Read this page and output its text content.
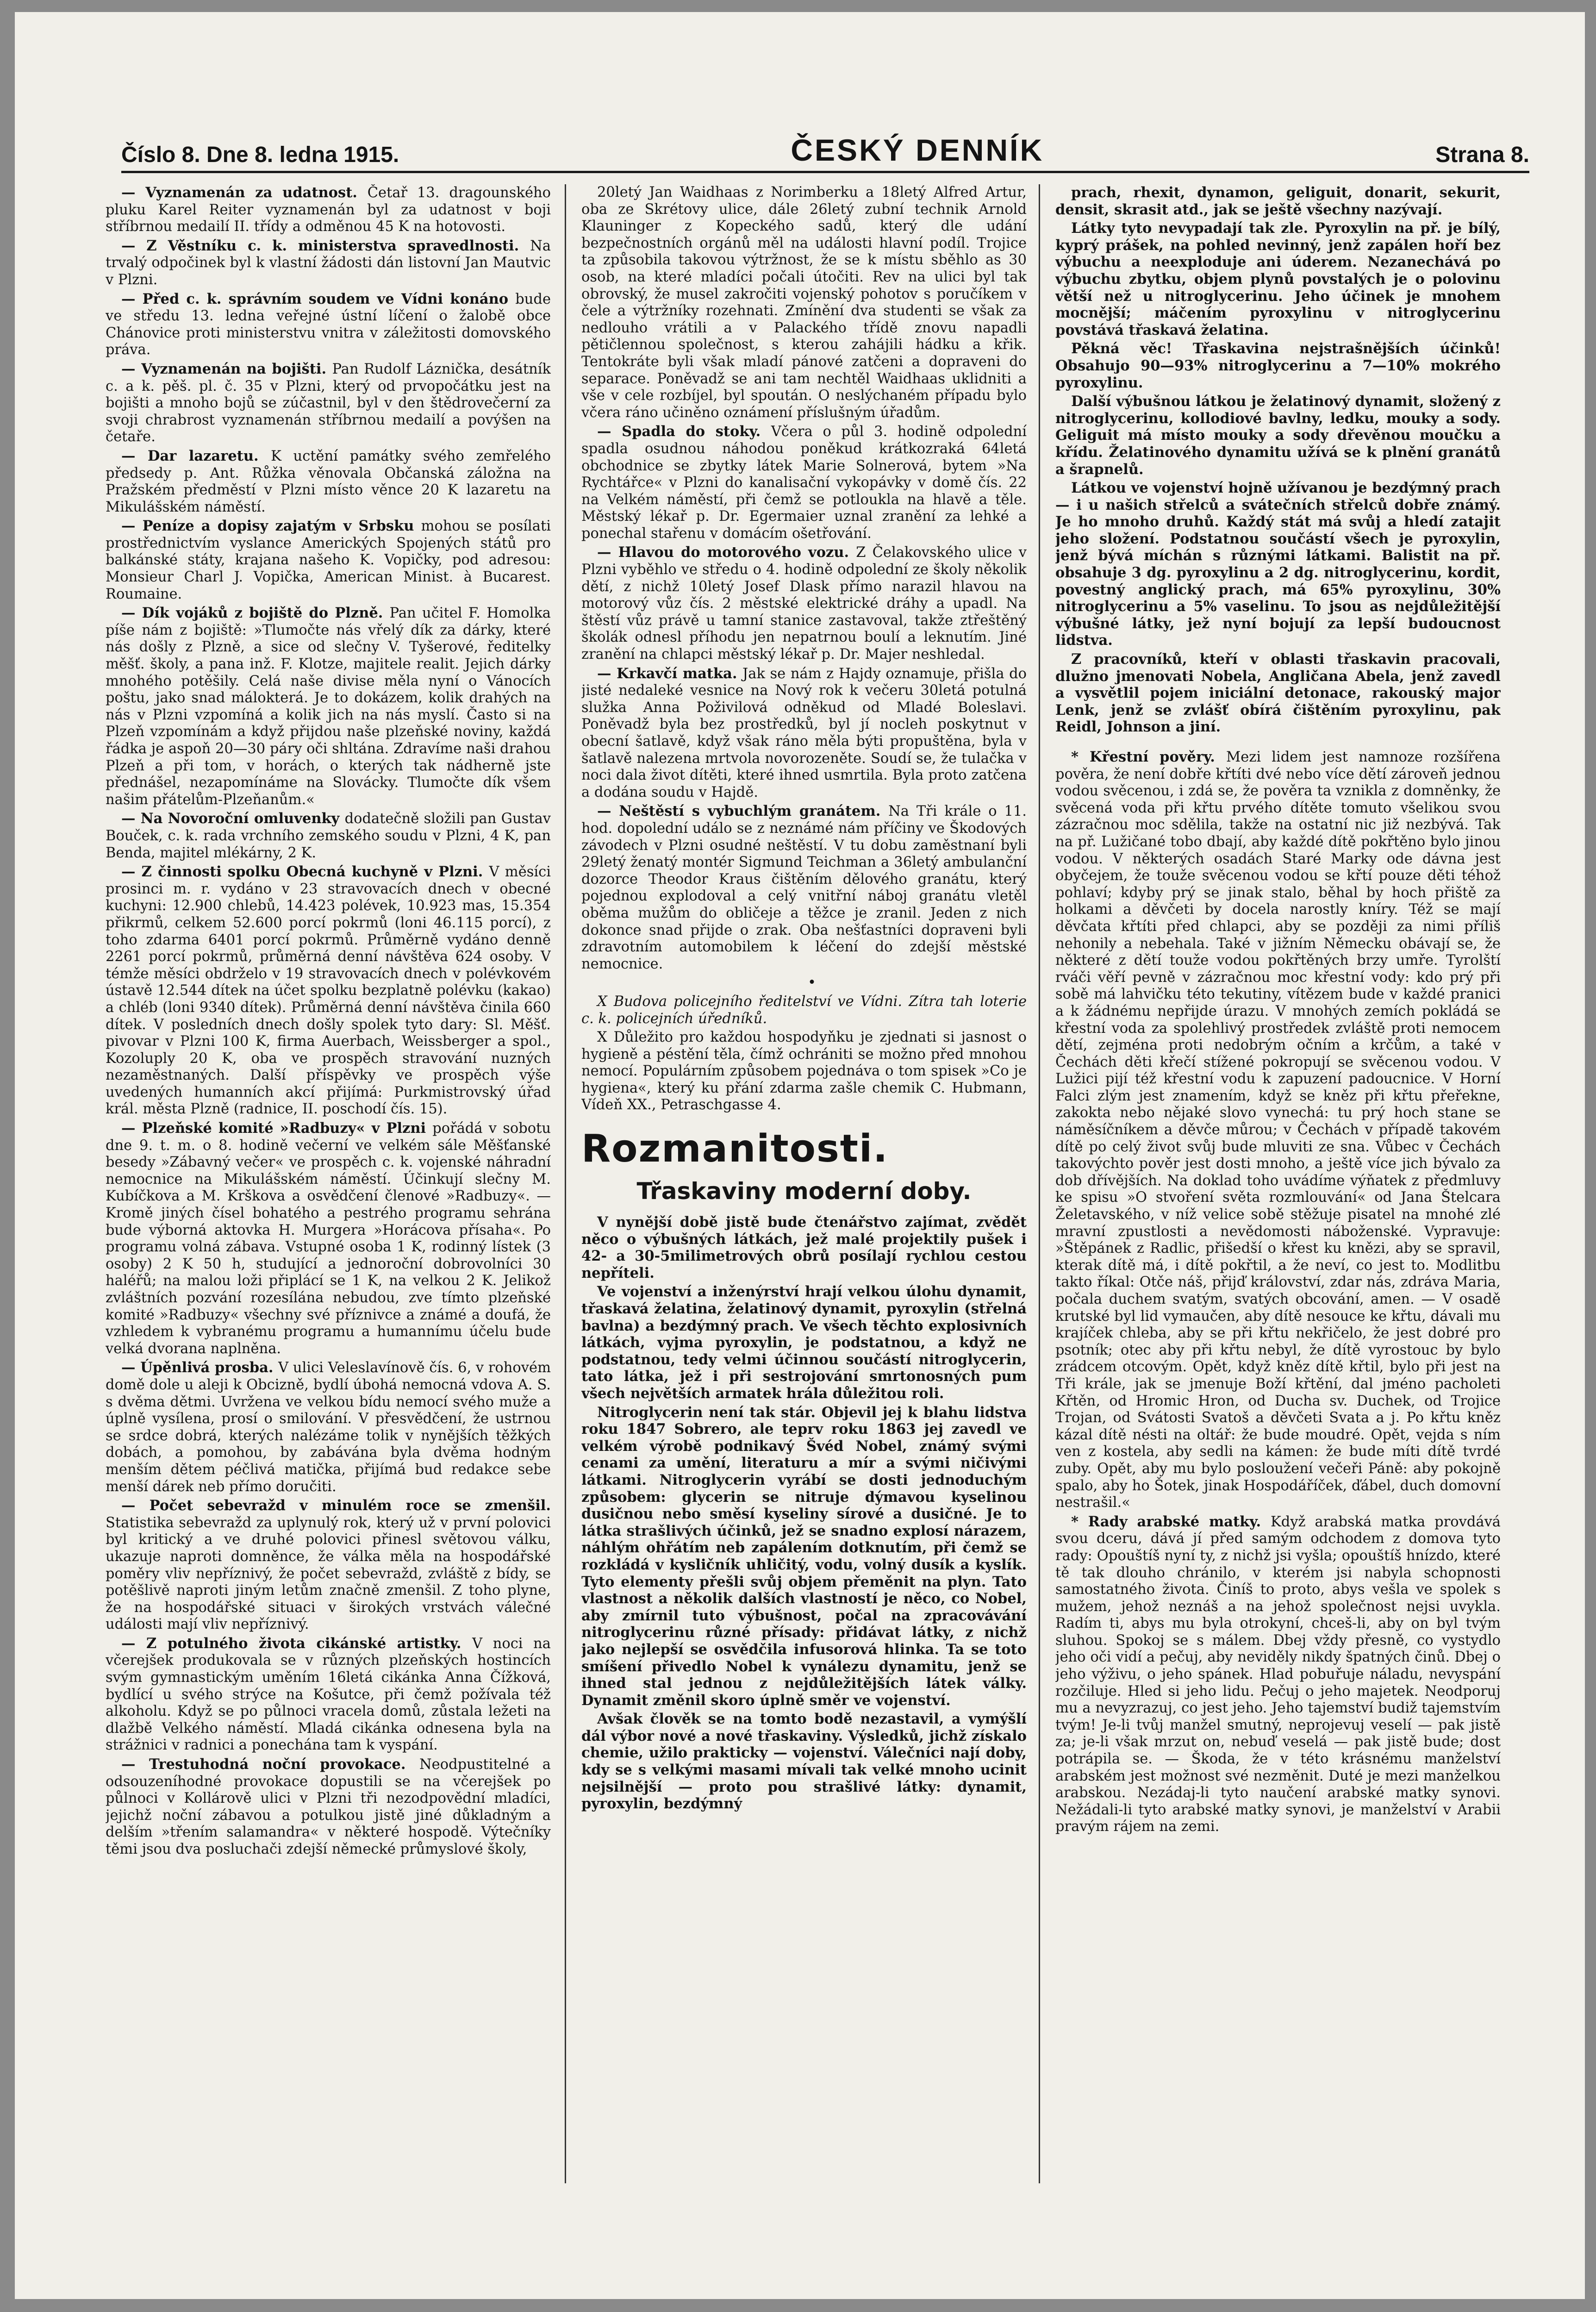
Číslo 8. Dne 8. ledna 1915.	ČESKÝ DENNÍK	Strana 8.

— Vyznamenán za udatnost. Četař 13. dragounského pluku Karel Reiter vyznamenán byl za udatnost v boji stříbrnou medailí II. třídy a odměnou 45 K na hotovosti.

— Z Věstníku c. k. ministerstva spravedlnosti. Na trvalý odpočinek byl k vlastní žádosti dán listovní Jan Mautvic v Plzni.

— Před c. k. správním soudem ve Vídni konáno bude ve středu 13. ledna veřejné ústní líčení o žalobě obce Chánovice proti ministerstvu vnitra v záležitosti domovského práva.

— Vyznamenán na bojišti. Pan Rudolf Láznička, desátník c. a k. pěš. pl. č. 35 v Plzni, který od prvopočátku jest na bojišti a mnoho bojů se zúčastnil, byl v den štědrovečerní za svoji chrabrost vyznamenán stříbrnou medailí a povýšen na četaře.

— Dar lazaretu. K uctění památky svého zemřelého předsedy p. Ant. Růžka věnovala Občanská záložna na Pražském předměstí v Plzni místo věnce 20 K lazaretu na Mikulášském náměstí.

— Peníze a dopisy zajatým v Srbsku mohou se posílati prostřednictvím vyslance Amerických Spojených států pro balkánské státy, krajana našeho K. Vopičky, pod adresou: Monsieur Charl J. Vopička, American Minist. à Bucarest. Roumaine.

— Dík vojáků z bojiště do Plzně. Pan učitel F. Homolka píše nám z bojiště: »Tlumočte nás vřelý dík za dárky, které nás došly z Plzně, a sice od slečny V. Tyšerové, ředitelky měšť. školy, a pana inž. F. Klotze, majitele realit. Jejich dárky mnohého potěšily. Celá naše divise měla nyní o Vánocích poštu, jako snad málokterá. Je to dokázem, kolik drahých na nás v Plzni vzpomíná a kolik jich na nás myslí. Často si na Plzeň vzpomínám a když přijdou naše plzeňské noviny, každá řádka je aspoň 20—30 páry oči shltána. Zdravíme naši drahou Plzeň a při tom, v horách, o kterých tak nádherně jste přednášel, nezapomínáme na Slovácky. Tlumočte dík všem našim přátelům-Plzeňanům.«

— Na Novoroční omluvenky dodatečně složili pan Gustav Bouček, c. k. rada vrchního zemského soudu v Plzni, 4 K, pan Benda, majitel mlékárny, 2 K.

— Z činnosti spolku Obecná kuchyně v Plzni. V měsíci prosinci m. r. vydáno v 23 stravovacích dnech v obecné kuchyni: 12.900 chlebů, 14.423 polévek, 10.923 mas, 15.354 přikrmů, celkem 52.600 porcí pokrmů (loni 46.115 porcí), z toho zdarma 6401 porcí pokrmů. Průměrně vydáno denně 2261 porcí pokrmů, průměrná denní návštěva 624 osoby. V témže měsíci obdrželo v 19 stravovacích dnech v polévkovém ústavě 12.544 dítek na účet spolku bezplatně polévku (kakao) a chléb (loni 9340 dítek). Průměrná denní návštěva činila 660 dítek. V posledních dnech došly spolek tyto dary: Sl. Měšť. pivovar v Plzni 100 K, firma Auerbach, Weissberger a spol., Kozoluply 20 K, oba ve prospěch stravování nuzných nezaměstnaných. Další příspěvky ve prospěch výše uvedených humanních akcí přijímá: Purkmistrovský úřad král. města Plzně (radnice, II. poschodí čís. 15).

— Plzeňské komité »Radbuzy« v Plzni pořádá v sobotu dne 9. t. m. o 8. hodině večerní ve velkém sále Měšťanské besedy »Zábavný večer« ve prospěch c. k. vojenské náhradní nemocnice na Mikulášském náměstí. Účinkují slečny M. Kubíčkova a M. Krškova a osvědčení členové »Radbuzy«. — Kromě jiných čísel bohatého a pestrého programu sehrána bude výborná aktovka H. Murgera »Horácova přísaha«. Po programu volná zábava. Vstupné osoba 1 K, rodinný lístek (3 osoby) 2 K 50 h, studující a jednoroční dobrovolníci 30 haléřů; na malou loži připlácí se 1 K, na velkou 2 K. Jelikož zvláštních pozvání rozesílána nebudou, zve tímto plzeňské komité »Radbuzy« všechny své příznivce a známé a doufá, že vzhledem k vybranému programu a humannímu účelu bude velká dvorana naplněna.

— Úpěnlivá prosba. V ulici Veleslavínově čís. 6, v rohovém domě dole u aleji k Obcizně, bydlí úbohá nemocná vdova A. S. s dvěma dětmi. Uvržena ve velkou bídu nemocí svého muže a úplně vysílena, prosí o smilování. V přesvědčení, že ustrnou se srdce dobrá, kterých nalézáme tolik v nynějších těžkých dobách, a pomohou, by zabávána byla dvěma hodným menším dětem péčlivá matička, přijímá bud redakce sebe menší dárek neb přímo doručiti.

— Počet sebevražd v minulém roce se zmenšil. Statistika sebevražd za uplynulý rok, který už v první polovici byl kritický a ve druhé polovici přinesl světovou válku, ukazuje naproti domněnce, že válka měla na hospodářské poměry vliv nepříznivý, že počet sebevražd, zvláště z bídy, se potěšlivě naproti jiným letům značně zmenšil. Z toho plyne, že na hospodářské situaci v širokých vrstvách válečné události mají vliv nepříznivý.

— Z potulného života cikánské artistky. V noci na včerejšek produkovala se v různých plzeňských hostincích svým gymnastickým uměním 16letá cikánka Anna Čížková, bydlící u svého strýce na Košutce, při čemž požívala též alkoholu. Když se po půlnoci vracela domů, zůstala ležeti na dlažbě Velkého náměstí. Mladá cikánka odnesena byla na strážnici v radnici a ponechána tam k vyspání.

— Trestuhodná noční provokace. Neodpustitelné a odsouzeníhodné provokace dopustili se na včerejšek po půlnoci v Kollárově ulici v Plzni tři nezodpovědní mladíci, jejichž noční zábavou a potulkou jistě jiné důkladným a delším »třením salamandra« v některé hospodě. Výtečníky těmi jsou dva posluchači zdejší německé průmyslové školy,

20letý Jan Waidhaas z Norimberku a 18letý Alfred Artur, oba ze Skrétovy ulice, dále 26letý zubní technik Arnold Klauninger z Kopeckého sadů, který dle udání bezpečnostních orgánů měl na události hlavní podíl. Trojice ta způsobila takovou výtržnost, že se k místu sběhlo as 30 osob, na které mladíci počali útočiti. Rev na ulici byl tak obrovský, že musel zakročiti vojenský pohotov s poručíkem v čele a výtržníky rozehnati. Zmínění dva studenti se však za nedlouho vrátili a v Palackého třídě znovu napadli pětičlennou společnost, s kterou zahájili hádku a křik. Tentokráte byli však mladí pánové zatčeni a dopraveni do separace. Poněvadž se ani tam nechtěl Waidhaas uklidniti a vše v cele rozbíjel, byl spoután. O neslýchaném případu bylo včera ráno učiněno oznámení příslušným úřadům.

— Spadla do stoky. Včera o půl 3. hodině odpolední spadla osudnou náhodou poněkud krátkozraká 64letá obchodnice se zbytky látek Marie Solnerová, bytem »Na Rychtářce« v Plzni do kanalisační vykopávky v domě čís. 22 na Velkém náměstí, při čemž se potloukla na hlavě a těle. Městský lékař p. Dr. Egermaier uznal zranění za lehké a ponechal stařenu v domácím ošetřování.

— Hlavou do motorového vozu. Z Čelakovského ulice v Plzni vyběhlo ve středu o 4. hodině odpolední ze školy několik dětí, z nichž 10letý Josef Dlask přímo narazil hlavou na motorový vůz čís. 2 městské elektrické dráhy a upadl. Na štěstí vůz právě u tamní stanice zastavoval, takže ztřeštěný školák odnesl příhodu jen nepatrnou boulí a leknutím. Jiné zranění na chlapci městský lékař p. Dr. Majer neshledal.

— Krkavčí matka. Jak se nám z Hajdy oznamuje, přišla do jisté nedaleké vesnice na Nový rok k večeru 30letá potulná služka Anna Poživilová odněkud od Mladé Boleslavi. Poněvadž byla bez prostředků, byl jí nocleh poskytnut v obecní šatlavě, když však ráno měla býti propuštěna, byla v šatlavě nalezena mrtvola novorozeněte. Soudí se, že tulačka v noci dala život dítěti, které ihned usmrtila. Byla proto zatčena a dodána soudu v Hajdě.

— Neštěstí s vybuchlým granátem. Na Tři krále o 11. hod. dopolední událo se z neznámé nám příčiny ve Škodových závodech v Plzni osudné neštěstí. V tu dobu zaměstnaní byli 29letý ženatý montér Sigmund Teichman a 36letý ambulanční dozorce Theodor Kraus čištěním dělového granátu, který pojednou explodoval a celý vnitřní náboj granátu vletěl oběma mužům do obličeje a těžce je zranil. Jeden z nich dokonce snad přijde o zrak. Oba nešťastníci dopraveni byli zdravotním automobilem k léčení do zdejší městské nemocnice.

•

X Budova policejního ředitelství ve Vídni. Zítra tah loterie c. k. policejních úředníků.

X Důležito pro každou hospodyňku je zjednati si jasnost o hygieně a péstění těla, čímž ochrániti se možno před mnohou nemocí. Populárním způsobem pojednáva o tom spisek »Co je hygiena«, který ku přání zdarma zašle chemik C. Hubmann, Vídeň XX., Petraschgasse 4.

Rozmanitosti.
Třaskaviny moderní doby.

V nynější době jistě bude čtenářstvo zajímat, zvědět něco o výbušných látkách, jež malé projektily pušek i 42- a 30-5milimetrových obrů posílají rychlou cestou nepříteli.

Ve vojenství a inženýrství hrají velkou úlohu dynamit, třaskavá želatina, želatinový dynamit, pyroxylin (střelná bavlna) a bezdýmný prach. Ve všech těchto explosivních látkách, vyjma pyroxylin, je podstatnou, a když ne podstatnou, tedy velmi účinnou součástí nitroglycerin, tato látka, jež i při sestrojování smrtonosných pum všech největších armatek hrála důležitou roli.

Nitroglycerin není tak stár. Objevil jej k blahu lidstva roku 1847 Sobrero, ale teprv roku 1863 jej zavedl ve velkém výrobě podnikavý Švéd Nobel, známý svými cenami za umění, literaturu a mír a svými ničivými látkami. Nitroglycerin vyrábí se dosti jednoduchým způsobem: glycerin se nitruje dýmavou kyselinou dusičnou nebo směsí kyseliny sírové a dusičné. Je to látka strašlivých účinků, jež se snadno explosí nárazem, náhlým ohřátím neb zapálením dotknutím, při čemž se rozkládá v kysličník uhličitý, vodu, volný dusík a kyslík. Tyto elementy přešli svůj objem přeměnit na plyn. Tato vlastnost a několik dalších vlastností je něco, co Nobel, aby zmírnil tuto výbušnost, počal na zpracovávání nitroglycerinu různé přísady: přidávat látky, z nichž jako nejlepší se osvědčila infusorová hlinka. Ta se toto smíšení přivedlo Nobel k vynálezu dynamitu, jenž se ihned stal jednou z nejdůležitějších látek války. Dynamit změnil skoro úplně směr ve vojenství.

Avšak člověk se na tomto bodě nezastavil, a vymýšlí dál výbor nové a nové třaskaviny. Výsledků, jichž získalo chemie, užilo prakticky — vojenství. Válečníci nají doby, kdy se s velkými masami mívali tak velké mnoho ucinit nejsilnější — proto pou strašlivé látky: dynamit, pyroxylin, bezdýmný

prach, rhexit, dynamon, geliguit, donarit, sekurit, densit, skrasit atd., jak se ještě všechny nazývají.

Látky tyto nevypadají tak zle. Pyroxylin na př. je bílý, kyprý prášek, na pohled nevinný, jenž zapálen hoří bez výbuchu a neexploduje ani úderem. Nezanechává po výbuchu zbytku, objem plynů povstalých je o polovinu větší než u nitroglycerinu. Jeho účinek je mnohem mocnější; máčením pyroxylinu v nitroglycerinu povstává třaskavá želatina.

Pěkná věc! Třaskavina nejstrašnějších účinků! Obsahujo 90—93% nitroglycerinu a 7—10% mokrého pyroxylinu.

Další výbušnou látkou je želatinový dynamit, složený z nitroglycerinu, kollodiové bavlny, ledku, mouky a sody. Geliguit má místo mouky a sody dřevěnou moučku a křídu. Želatinového dynamitu užívá se k plnění granátů a šrapnelů.

Látkou ve vojenství hojně užívanou je bezdýmný prach — i u našich střelců a svátečních střelců dobře známý. Je ho mnoho druhů. Každý stát má svůj a hledí zatajit jeho složení. Podstatnou součástí všech je pyroxylin, jenž bývá míchán s různými látkami. Balistit na př. obsahuje 3 dg. pyroxylinu a 2 dg. nitroglycerinu, kordit, povestný anglický prach, má 65% pyroxylinu, 30% nitroglycerinu a 5% vaselinu. To jsou as nejdůležitější výbušné látky, jež nyní bojují za lepší budoucnost lidstva.

Z pracovníků, kteří v oblasti třaskavin pracovali, dlužno jmenovati Nobela, Angličana Abela, jenž zavedl a vysvětlil pojem iniciální detonace, rakouský major Lenk, jenž se zvlášť obírá čištěním pyroxylinu, pak Reidl, Johnson a jiní.

* Křestní pověry. Mezi lidem jest namnoze rozšířena pověra, že není dobře křtíti dvé nebo více dětí zároveň jednou vodou svěcenou, i zdá se, že pověra ta vznikla z domněnky, že svěcená voda při křtu prvého dítěte tomuto všelikou svou zázračnou moc sdělila, takže na ostatní nic již nezbývá. Tak na př. Lužičané tobo dbají, aby každé dítě pokřtěno bylo jinou vodou. V některých osadách Staré Marky ode dávna jest obyčejem, že touže svěcenou vodou se křtí pouze děti téhož pohlaví; kdyby prý se jinak stalo, běhal by hoch přiště za holkami a děvčeti by docela narostly kníry. Též se mají děvčata křtíti před chlapci, aby se později za nimi příliš nehonily a nebehala. Také v jižním Německu obávají se, že některé z dětí touže vodou pokřtěných brzy umře. Tyrolští rváči věří pevně v zázračnou moc křestní vody: kdo prý při sobě má lahvičku této tekutiny, vítězem bude v každé pranici a k žádnému nepřijde úrazu. V mnohých zemích pokládá se křestní voda za spolehlivý prostředek zvláště proti nemocem dětí, zejména proti nedobrým očním a krčům, a také v Čechách děti křečí stížené pokropují se svěcenou vodou. V Lužici pijí též křestní vodu k zapuzení padoucnice. V Horní Falci zlým jest znamením, když se kněz při křtu přeřekne, zakokta nebo nějaké slovo vynechá: tu prý hoch stane se náměsíčníkem a děvče můrou; v Čechách v případě takovém dítě po celý život svůj bude mluviti ze sna. Vůbec v Čechách takovýchto pověr jest dosti mnoho, a ještě více jich bývalo za dob dřívějších. Na doklad toho uvádíme výňatek z předmluvy ke spisu »O stvoření světa rozmlouvání« od Jana Štelcara Želetavského, v níž velice sobě stěžuje pisatel na mnohé zlé mravní zpustlosti a nevědomosti náboženské. Vypravuje: »Štěpánek z Radlic, přišedší o křest ku knězi, aby se spravil, kterak dítě má, i dítě pokřtil, a že neví, co jest to. Modlitbu takto říkal: Otče náš, přijď království, zdar nás, zdráva Maria, počala duchem svatým, svatých obcování, amen. — V osadě krutské byl lid vymaučen, aby dítě nesouce ke křtu, dávali mu krajíček chleba, aby se při křtu nekřičelo, že jest dobré pro psotník; otec aby při křtu nebyl, že dítě vyrostouc by bylo zrádcem otcovým. Opět, když kněz dítě křtil, bylo při jest na Tři krále, jak se jmenuje Boží křtění, dal jméno pacholeti Křtěn, od Hromic Hron, od Ducha sv. Duchek, od Trojice Trojan, od Svátosti Svatoš a děvčeti Svata a j. Po křtu kněz kázal dítě nésti na oltář: že bude moudré. Opět, vejda s ním ven z kostela, aby sedli na kámen: že bude míti dítě tvrdé zuby. Opět, aby mu bylo posloužení večeři Páně: aby pokojně spalo, aby ho Šotek, jinak Hospodáříček, ďábel, duch domovní nestrašil.«

* Rady arabské matky. Když arabská matka provdává svou dceru, dává jí před samým odchodem z domova tyto rady: Opouštíš nyní ty, z nichž jsi vyšla; opouštíš hnízdo, které tě tak dlouho chránilo, v kterém jsi nabyla schopnosti samostatného života. Činíš to proto, abys vešla ve spolek s mužem, jehož neznáš a na jehož společnost nejsi uvykla. Radím ti, abys mu byla otrokyní, chceš-li, aby on byl tvým sluhou. Spokoj se s málem. Dbej vždy přesně, co vystydlo jeho oči vidí a pečuj, aby neviděly nikdy špatných činů. Dbej o jeho výživu, o jeho spánek. Hlad pobuřuje náladu, nevyspání rozčiluje. Hled si jeho lidu. Pečuj o jeho majetek. Neodporuj mu a nevyzrazuj, co jest jeho. Jeho tajemství budiž tajemstvím tvým! Je-li tvůj manžel smutný, neprojevuj veselí — pak jistě za; je-li však mrzut on, nebuď veselá — pak jistě bude; dost potrápila se. — Škoda, že v této krásnému manželství arabském jest možnost své nezměnit. Duté je mezi manželkou arabskou. Nezádaj-li tyto naučení arabské matky synovi. Nežádali-li tyto arabské matky synovi, je manželství v Arabii pravým rájem na zemi.
